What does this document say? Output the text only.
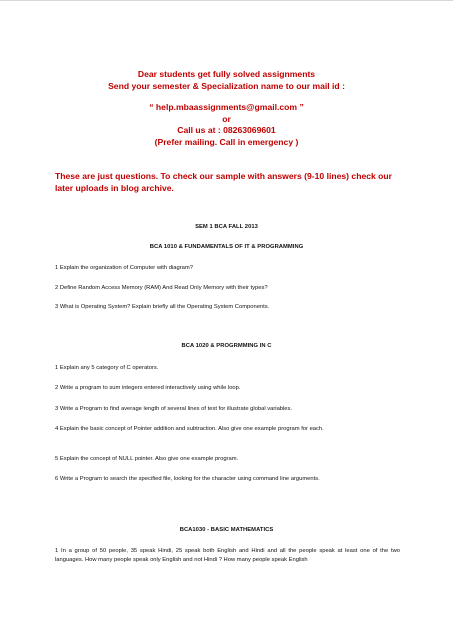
Dear students get fully solved assignments
Send your semester & Specialization name to our mail id :
“ help.mbaassignments@gmail.com ”
or
Call us at : 08263069601
(Prefer mailing. Call in emergency )
These are just questions. To check our sample with answers (9-10 lines) check our later uploads in blog archive.
SEM 1 BCA FALL 2013
BCA 1010 & FUNDAMENTALS OF IT & PROGRAMMING
1 Explain the organization of Computer with diagram?
2 Define Random Access Memory (RAM) And Read Only Memory with their types?
3 What is Operating System? Explain briefly all the Operating System Components.
BCA 1020 & PROGRMMING IN C
1 Explain any 5 category of C operators.
2 Write a program to sum integers entered interactively using while loop.
3 Write a Program to find average length of several lines of text for illustrate global variables.
4 Explain the basic concept of Pointer addition and subtraction. Also give one example program for each.
5 Explain the concept of NULL pointer. Also give one example program.
6 Write a Program to search the specified file, looking for the character using command line arguments.
BCA1030 - BASIC MATHEMATICS
1 In a group of 50 people, 35 speak Hindi, 25 speak both English and Hindi and all the people speak at least one of the two languages. How many people speak only English and not Hindi ? How many people speak English
